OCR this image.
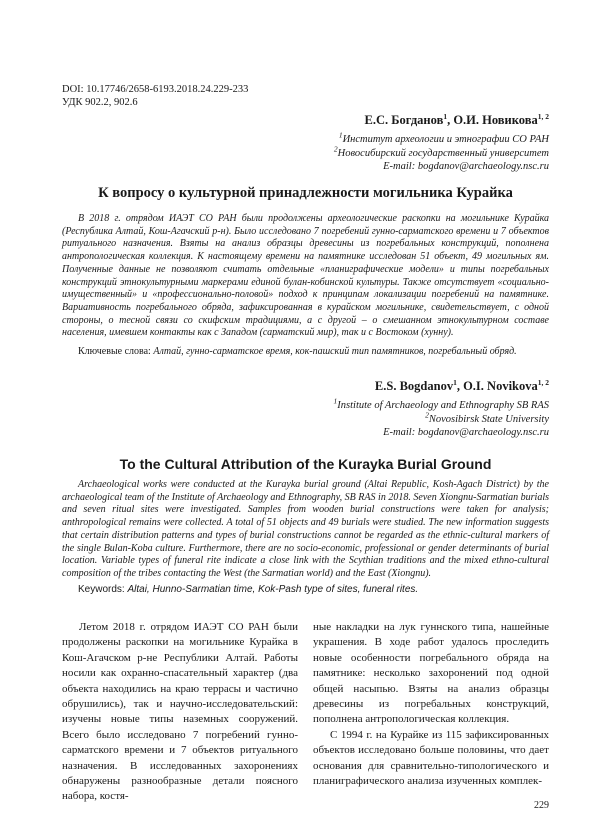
DOI: 10.17746/2658-6193.2018.24.229-233
УДК 902.2, 902.6
Е.С. Богданов$^1$, О.И. Новикова$^{1, 2}$
$^1$Институт археологии и этнографии СО РАН
$^2$Новосибирский государственный университет
E-mail: bogdanov@archaeology.nsc.ru
К вопросу о культурной принадлежности могильника Курайка
В 2018 г. отрядом ИАЭТ СО РАН были продолжены археологические раскопки на могильнике Курайка (Республика Алтай, Кош-Агачский р-н). Было исследовано 7 погребений гунно-сарматского времени и 7 объектов ритуального назначения. Взяты на анализ образцы древесины из погребальных конструкций, пополнена антропологическая коллекция. К настоящему времени на памятнике исследован 51 объект, 49 могильных ям. Полученные данные не позволяют считать отдельные «планиграфические модели» и типы погребальных конструкций этнокультурными маркерами единой булан-кобинской культуры. Также отсутствует «социально-имущественный» и «профессионально-половой» подход к принципам локализации погребений на памятнике. Вариативность погребального обряда, зафиксированная в курайском могильнике, свидетельствует, с одной стороны, о тесной связи со скифским традициями, а с другой – о смешанном этнокультурном составе населения, имевшем контакты как с Западом (сарматский мир), так и с Востоком (хунну).
Ключевые слова: Алтай, гунно-сарматское время, кок-пашский тип памятников, погребальный обряд.
E.S. Bogdanov$^1$, O.I. Novikova$^{1, 2}$
$^1$Institute of Archaeology and Ethnography SB RAS
$^2$Novosibirsk State University
E-mail: bogdanov@archaeology.nsc.ru
To the Cultural Attribution of the Kurayka Burial Ground
Archaeological works were conducted at the Kurayka burial ground (Altai Republic, Kosh-Agach District) by the archaeological team of the Institute of Archaeology and Ethnography, SB RAS in 2018. Seven Xiongnu-Sarmatian burials and seven ritual sites were investigated. Samples from wooden burial constructions were taken for analysis; anthropological remains were collected. A total of 51 objects and 49 burials were studied. The new information suggests that certain distribution patterns and types of burial constructions cannot be regarded as the ethnic-cultural markers of the single Bulan-Koba culture. Furthermore, there are no socio-economic, professional or gender determinants of burial location. Variable types of funeral rite indicate a close link with the Scythian traditions and the mixed ethno-cultural composition of the tribes contacting the West (the Sarmatian world) and the East (Xiongnu).
Keywords: Altai, Hunno-Sarmatian time, Kok-Pash type of sites, funeral rites.

Летом 2018 г. отрядом ИАЭТ СО РАН были продолжены раскопки на могильнике Курайка в Кош-Агачском р-не Республики Алтай. Работы носили как охранно-спасательный характер (два объекта находились на краю террасы и частично обрушились), так и научно-исследовательский: изучены новые типы наземных сооружений. Всего было исследовано 7 погребений гунно-сарматского времени и 7 объектов ритуального назначения. В исследованных захоронениях обнаружены разнообразные детали поясного набора, костя-

ные накладки на лук гуннского типа, нашейные украшения. В ходе работ удалось проследить новые особенности погребального обряда на памятнике: несколько захоронений под одной общей насыпью. Взяты на анализ образцы древесины из погребальных конструкций, пополнена антропологическая коллекция.

С 1994 г. на Курайке из 115 зафиксированных объектов исследовано больше половины, что дает основания для сравнительно-типологического и планиграфического анализа изученных комплек-

229
